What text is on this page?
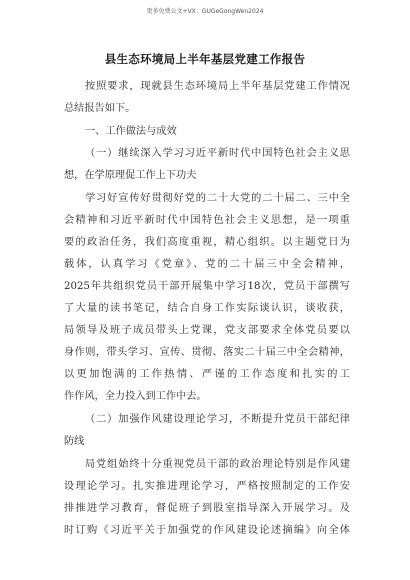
更多免费公文+VX：GUGeGongWen2024
县生态环境局上半年基层党建工作报告
按照要求，现就县生态环境局上半年基层党建工作情况
总结报告如下。
一、工作做法与成效
（一）继续深入学习习近平新时代中国特色社会主义思
想，在学原理促工作上下功夫
学习好宣传好贯彻好党的二十大党的二十届二、三中全
会精神和习近平新时代中国特色社会主义思想，是一项重
要的政治任务，我们高度重视，精心组织。以主题党日为
载体，认真学习《党章》、党的二十届三中全会精神，
2025年共组织党员干部开展集中学习18次，党员干部撰写
了大量的读书笔记，结合自身工作实际谈认识，谈收获，
局领导及班子成员带头上党课，党支部要求全体党员要以
身作则，带头学习、宣传、贯彻、落实二十届三中全会精神，
以更加饱满的工作热情、严谨的工作态度和扎实的工
作作风，全力投入到工作中去。
（二）加强作风建设理论学习，不断提升党员干部纪律
防线
局党组始终十分重视党员干部的政治理论特别是作风建
设理论学习。扎实推进理论学习，严格按照制定的工作安
排推进学习教育，督促班子到股室指导深入开展学习。及
时订购《习近平关于加强党的作风建设论述摘编》向全体
